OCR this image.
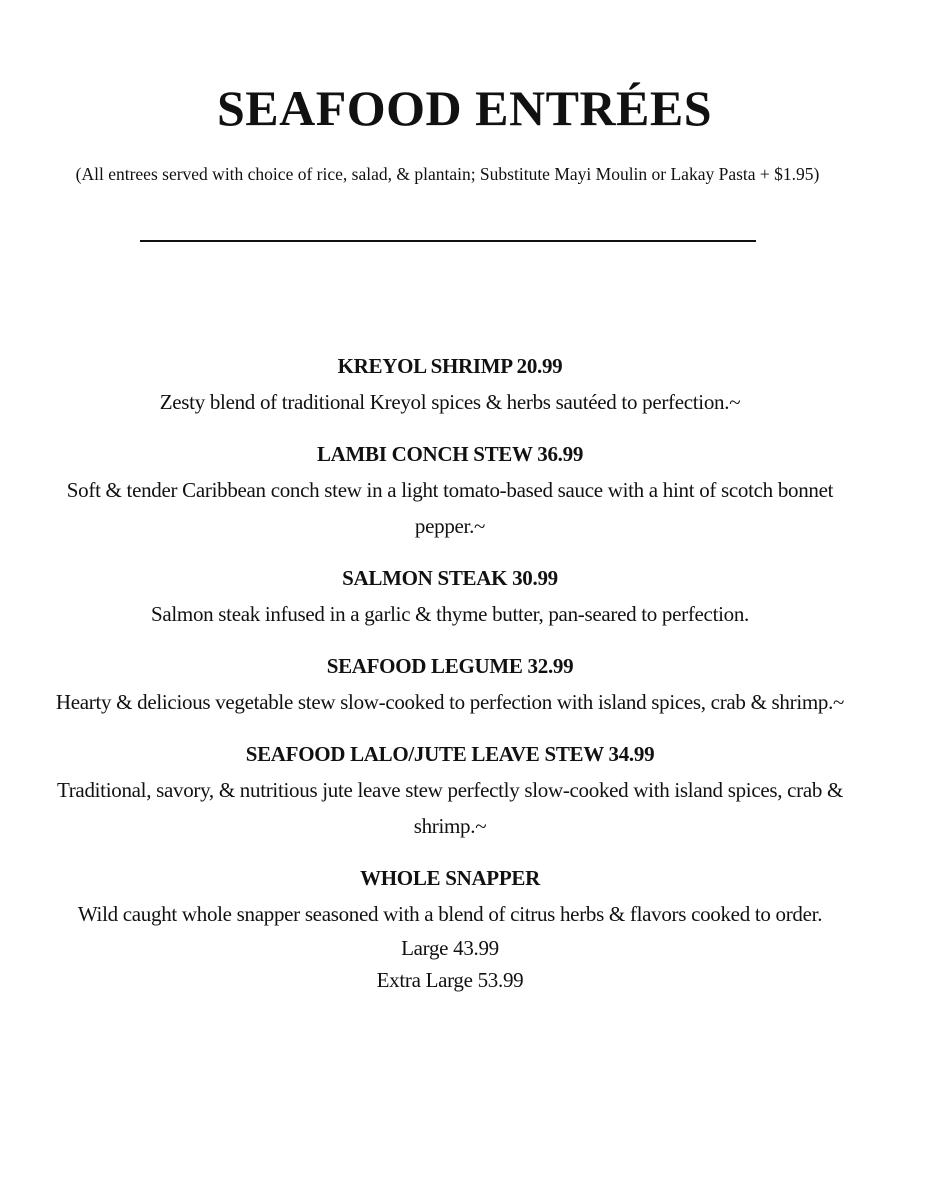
SEAFOOD ENTRÉES
(All entrees served with choice of rice, salad, & plantain; Substitute Mayi Moulin or Lakay Pasta + $1.95)
KREYOL SHRIMP 20.99
Zesty blend of traditional Kreyol spices & herbs sautéed to perfection.~
LAMBI CONCH STEW 36.99
Soft & tender Caribbean conch stew in a light tomato-based sauce with a hint of scotch bonnet pepper.~
SALMON STEAK 30.99
Salmon steak infused in a garlic & thyme butter, pan-seared to perfection.
SEAFOOD LEGUME 32.99
Hearty & delicious vegetable stew slow-cooked to perfection with island spices, crab & shrimp.~
SEAFOOD LALO/JUTE LEAVE STEW 34.99
Traditional, savory, & nutritious jute leave stew perfectly slow-cooked with island spices, crab & shrimp.~
WHOLE SNAPPER
Wild caught whole snapper seasoned with a blend of citrus herbs & flavors cooked to order.
Large 43.99
Extra Large 53.99
